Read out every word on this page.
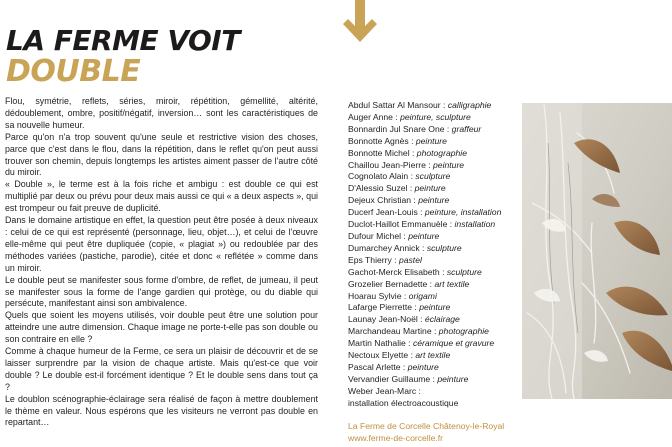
LA FERME VOIT
DOUBLE

Flou, symétrie, reflets, séries, miroir, répétition, gémellité, altérité, dédoublement, ombre, positif/négatif, inversion… sont les caractéristiques de sa nouvelle humeur.

Parce qu'on n'a trop souvent qu'une seule et restrictive vision des choses, parce que c'est dans le flou, dans la répétition, dans le reflet qu'on peut aussi trouver son chemin, depuis longtemps les artistes aiment passer de l'autre côté du miroir.

« Double », le terme est à la fois riche et ambigu : est double ce qui est multiplié par deux ou prévu pour deux mais aussi ce qui « a deux aspects », qui est trompeur ou fait preuve de duplicité.

Dans le domaine artistique en effet, la question peut être posée à deux niveaux : celui de ce qui est représenté (personnage, lieu, objet…), et celui de l'œuvre elle-même qui peut être dupliquée (copie, « plagiat ») ou redoublée par des méthodes variées (pastiche, parodie), citée et donc « reflétée » comme dans un miroir.

Le double peut se manifester sous forme d'ombre, de reflet, de jumeau, il peut se manifester sous la forme de l'ange gardien qui protège, ou du diable qui persécute, manifestant ainsi son ambivalence.

Quels que soient les moyens utilisés, voir double peut être une solution pour atteindre une autre dimension. Chaque image ne porte-t-elle pas son double ou son contraire en elle ?

Comme à chaque humeur de la Ferme, ce sera un plaisir de découvrir et de se laisser surprendre par la vision de chaque artiste. Mais qu'est-ce que voir double ? Le double est-il forcément identique ? Et le double sens dans tout ça ?

Le doublon scénographie-éclairage sera réalisé de façon à mettre doublement le thème en valeur. Nous espérons que les visiteurs ne verront pas double en repartant…

Abdul Sattar Al Mansour : calligraphie
Auger Anne : peinture, sculpture
Bonnardin Jul Snare One : graffeur
Bonnotte Agnès : peinture
Bonnotte Michel : photographie
Chaillou Jean-Pierre : peinture
Cognolato Alain : sculpture
D'Alessio Suzel : peinture
Dejeux Christian : peinture
Ducerf Jean-Louis : peinture, installation
Duclot-Haillot Emmanuèle : installation
Dufour Michel : peinture
Dumarchey Annick : sculpture
Eps Thierry : pastel
Gachot-Merck Elisabeth : sculpture
Grozelier Bernadette : art textile
Hoarau Sylvie : origami
Lafarge Pierrette : peinture
Launay Jean-Noël : éclairage
Marchandeau Martine : photographie
Martin Nathalie : céramique et gravure
Nectoux Elyette : art textile
Pascal Arlette : peinture
Vervandier Guillaume : peinture
Weber Jean-Marc :
installation électroacoustique
La Ferme de Corcelle Châtenoy-le-Royal
www.ferme-de-corcelle.fr
